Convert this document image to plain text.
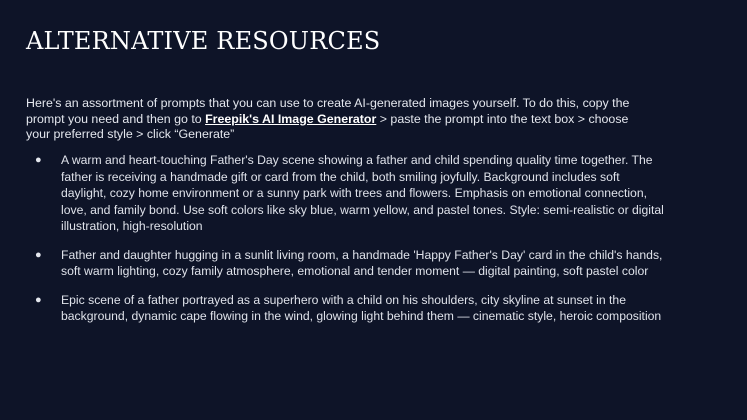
ALTERNATIVE RESOURCES

Here's an assortment of prompts that you can use to create AI-generated images yourself. To do this, copy the prompt you need and then go to Freepik's AI Image Generator > paste the prompt into the text box > choose your preferred style > click “Generate”

● A warm and heart-touching Father's Day scene showing a father and child spending quality time together. The father is receiving a handmade gift or card from the child, both smiling joyfully. Background includes soft daylight, cozy home environment or a sunny park with trees and flowers. Emphasis on emotional connection, love, and family bond. Use soft colors like sky blue, warm yellow, and pastel tones. Style: semi-realistic or digital illustration, high-resolution
● Father and daughter hugging in a sunlit living room, a handmade 'Happy Father's Day' card in the child's hands, soft warm lighting, cozy family atmosphere, emotional and tender moment — digital painting, soft pastel color
● Epic scene of a father portrayed as a superhero with a child on his shoulders, city skyline at sunset in the background, dynamic cape flowing in the wind, glowing light behind them — cinematic style, heroic composition
